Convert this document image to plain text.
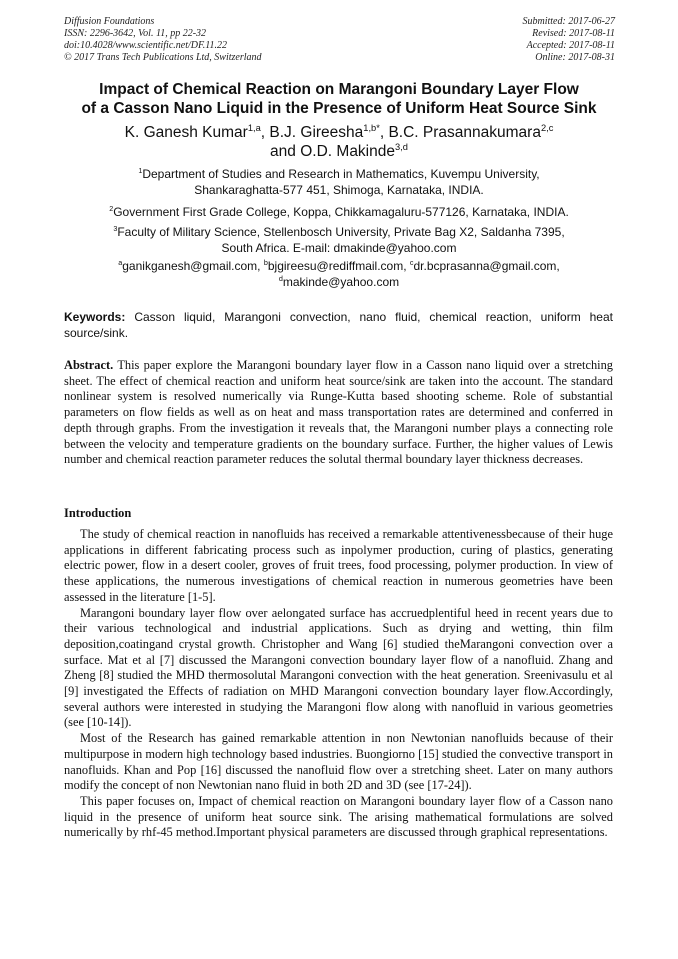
Diffusion Foundations
ISSN: 2296-3642, Vol. 11, pp 22-32
doi:10.4028/www.scientific.net/DF.11.22
© 2017 Trans Tech Publications Ltd, Switzerland
Submitted: 2017-06-27
Revised: 2017-08-11
Accepted: 2017-08-11
Online: 2017-08-31
Impact of Chemical Reaction on Marangoni Boundary Layer Flow
of a Casson Nano Liquid in the Presence of Uniform Heat Source Sink
K. Ganesh Kumar$^{1,a}$, B.J. Gireesha$^{1,b*}$, B.C. Prasannakumara$^{2,c}$
and O.D. Makinde$^{3,d}$
$^1$Department of Studies and Research in Mathematics, Kuvempu University,
Shankaraghatta-577 451, Shimoga, Karnataka, INDIA.
$^2$Government First Grade College, Koppa, Chikkamagaluru-577126, Karnataka, INDIA.
$^3$Faculty of Military Science, Stellenbosch University, Private Bag X2, Saldanha 7395,
South Africa. E-mail: dmakinde@yahoo.com
$^a$ganikganesh@gmail.com, $^b$bjgireesu@rediffmail.com, $^c$dr.bcprasanna@gmail.com,
$^d$makinde@yahoo.com
Keywords: Casson liquid, Marangoni convection, nano fluid, chemical reaction, uniform heat source/sink.
Abstract. This paper explore the Marangoni boundary layer flow in a Casson nano liquid over a stretching sheet. The effect of chemical reaction and uniform heat source/sink are taken into the account. The standard nonlinear system is resolved numerically via Runge-Kutta based shooting scheme. Role of substantial parameters on flow fields as well as on heat and mass transportation rates are determined and conferred in depth through graphs. From the investigation it reveals that, the Marangoni number plays a connecting role between the velocity and temperature gradients on the boundary surface. Further, the higher values of Lewis number and chemical reaction parameter reduces the solutal thermal boundary layer thickness decreases.
Introduction

The study of chemical reaction in nanofluids has received a remarkable attentivenessbecause of their huge applications in different fabricating process such as inpolymer production, curing of plastics, generating electric power, flow in a desert cooler, groves of fruit trees, food processing, polymer production. In view of these applications, the numerous investigations of chemical reaction in numerous geometries have been assessed in the literature [1-5].

Marangoni boundary layer flow over aelongated surface has accruedplentiful heed in recent years due to their various technological and industrial applications. Such as drying and wetting, thin film deposition,coatingand crystal growth. Christopher and Wang [6] studied theMarangoni convection over a surface. Mat et al [7] discussed the Marangoni convection boundary layer flow of a nanofluid. Zhang and Zheng [8] studied the MHD thermosolutal Marangoni convection with the heat generation. Sreenivasulu et al [9] investigated the Effects of radiation on MHD Marangoni convection boundary layer flow.Accordingly, several authors were interested in studying the Marangoni flow along with nanofluid in various geometries (see [10-14]).

Most of the Research has gained remarkable attention in non Newtonian nanofluids because of their multipurpose in modern high technology based industries. Buongiorno [15] studied the convective transport in nanofluids. Khan and Pop [16] discussed the nanofluid flow over a stretching sheet. Later on many authors modify the concept of non Newtonian nano fluid in both 2D and 3D (see [17-24]).

This paper focuses on, Impact of chemical reaction on Marangoni boundary layer flow of a Casson nano liquid in the presence of uniform heat source sink. The arising mathematical formulations are solved numerically by rhf-45 method.Important physical parameters are discussed through graphical representations.
